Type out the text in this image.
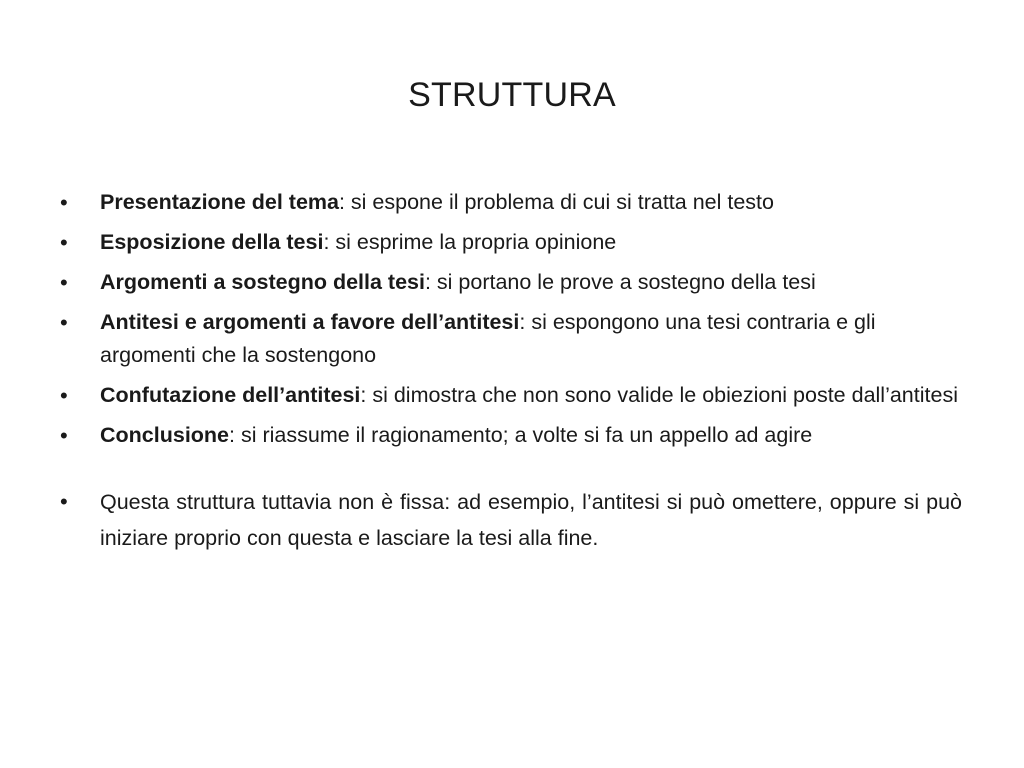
STRUTTURA
• Presentazione del tema: si espone il problema di cui si tratta nel testo
• Esposizione della tesi: si esprime la propria opinione
• Argomenti a sostegno della tesi: si portano le prove a sostegno della tesi
• Antitesi e argomenti a favore dell’antitesi: si espongono una tesi contraria e gli argomenti che la sostengono
• Confutazione dell’antitesi: si dimostra che non sono valide le obiezioni poste dall’antitesi
• Conclusione: si riassume il ragionamento; a volte si fa un appello ad agire
• Questa struttura tuttavia non è fissa: ad esempio, l’antitesi si può omettere, oppure si può iniziare proprio con questa e lasciare la tesi alla fine.
